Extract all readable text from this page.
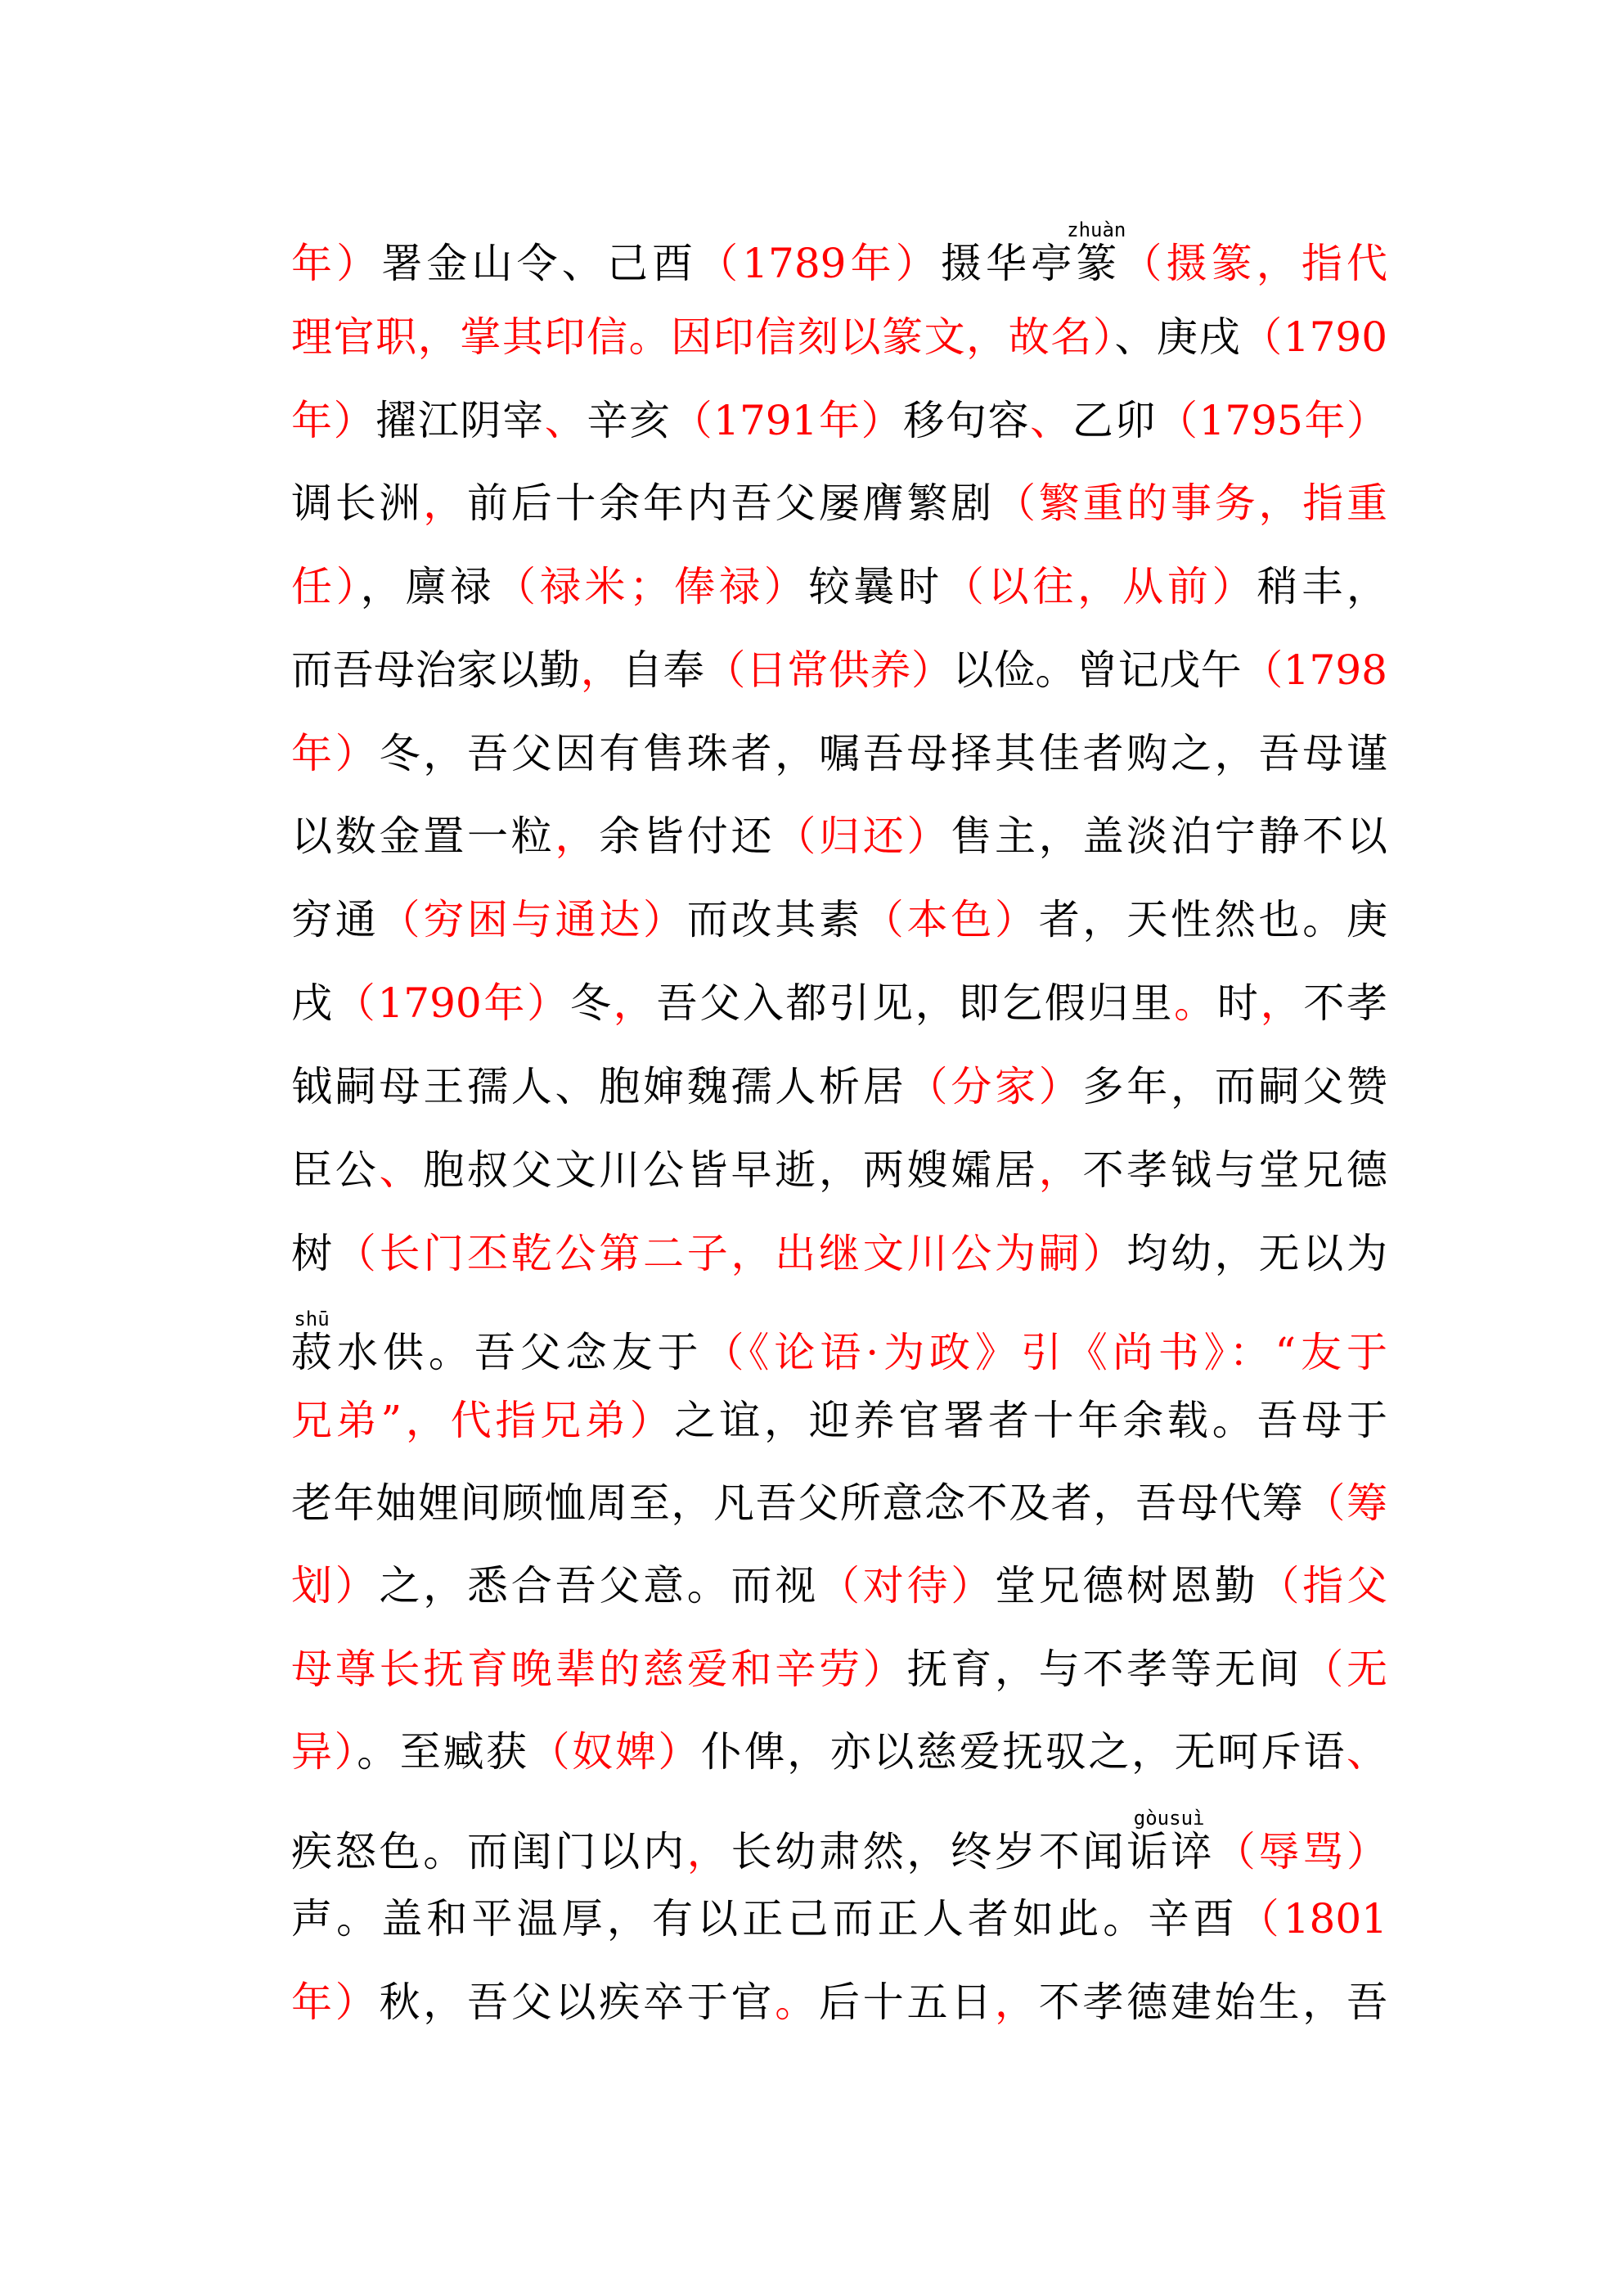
年）署金山令、己酉（1789年）摄华亭篆zhuàn（摄篆，指代
理官职，掌其印信。因印信刻以篆文，故名）、庚戌（1790
年）擢江阴宰、辛亥（1791年）移句容、乙卯（1795年）
调长洲，前后十余年内吾父屡膺繁剧（繁重的事务，指重
任），廪禄（禄米；俸禄）较曩时（以往，从前）稍丰，
而吾母治家以勤，自奉（日常供养）以俭。曾记戊午（1798
年）冬，吾父因有售珠者，嘱吾母择其佳者购之，吾母谨
以数金置一粒，余皆付还（归还）售主，盖淡泊宁静不以
穷通（穷困与通达）而改其素（本色）者，天性然也。庚
戌（1790年）冬，吾父入都引见，即乞假归里。时，不孝
钺嗣母王孺人、胞婶魏孺人析居（分家）多年，而嗣父赞
臣公、胞叔父文川公皆早逝，两嫂孀居，不孝钺与堂兄德
树（长门丕乾公第二子，出继文川公为嗣）均幼，无以为
菽shū水供。吾父念友于（《论语·为政》引《尚书》：“友于
兄弟”，代指兄弟）之谊，迎养官署者十年余载。吾母于
老年妯娌间顾恤周至，凡吾父所意念不及者，吾母代筹（筹
划）之，悉合吾父意。而视（对待）堂兄德树恩勤（指父
母尊长抚育晚辈的慈爱和辛劳）抚育，与不孝等无间（无
异）。至臧获（奴婢）仆俾，亦以慈爱抚驭之，无呵斥语、
疾怒色。而闺门以内，长幼肃然，终岁不闻诟谇gòusuì（辱骂）
声。盖和平温厚，有以正己而正人者如此。辛酉（1801
年）秋，吾父以疾卒于官。后十五日，不孝德建始生，吾
